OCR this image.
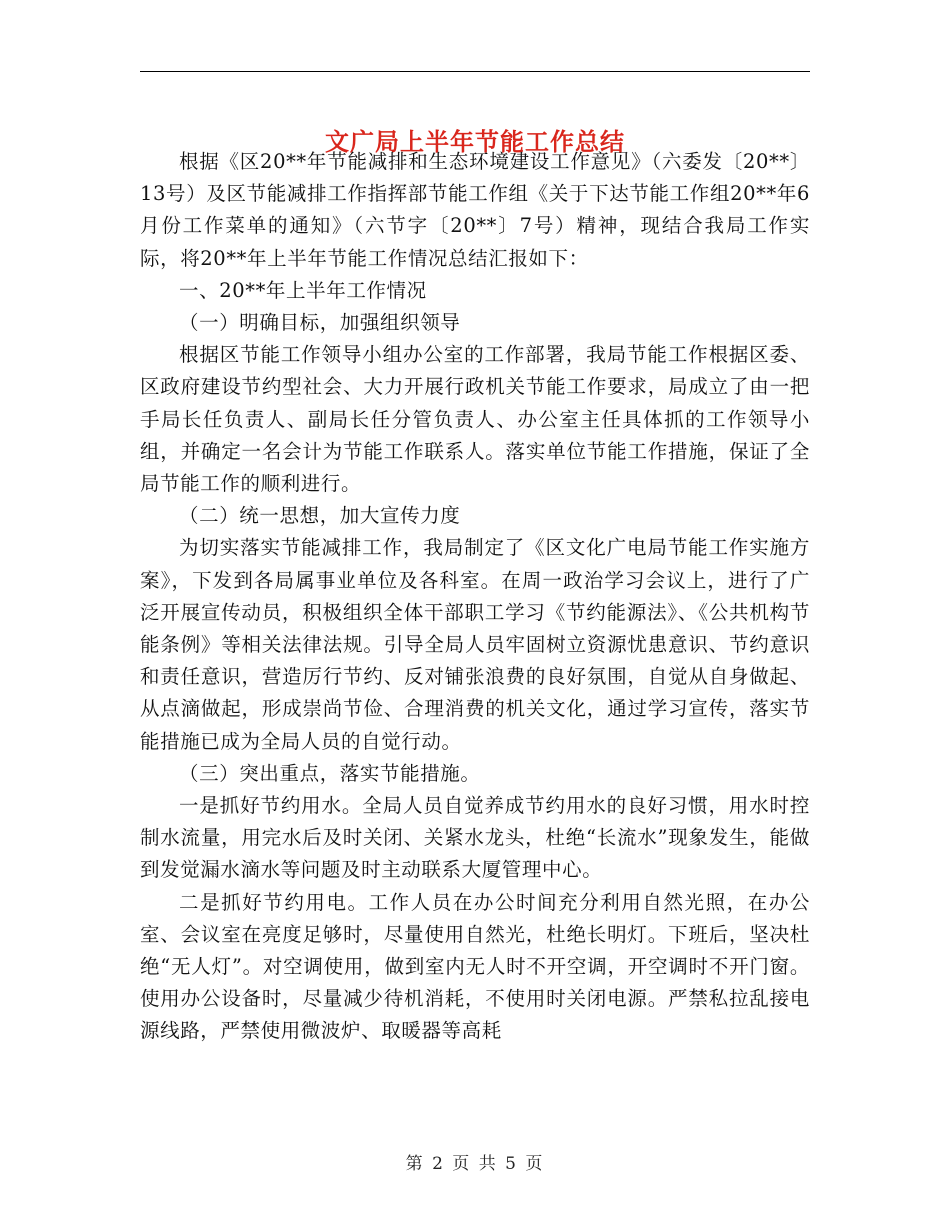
文广局上半年节能工作总结

根据《区20**年节能减排和生态环境建设工作意见》（六委发〔20**〕13号）及区节能减排工作指挥部节能工作组《关于下达节能工作组20**年6月份工作菜单的通知》（六节字〔20**〕7号）精神，现结合我局工作实际，将20**年上半年节能工作情况总结汇报如下：

一、20**年上半年工作情况

（一）明确目标，加强组织领导

根据区节能工作领导小组办公室的工作部署，我局节能工作根据区委、区政府建设节约型社会、大力开展行政机关节能工作要求，局成立了由一把手局长任负责人、副局长任分管负责人、办公室主任具体抓的工作领导小组，并确定一名会计为节能工作联系人。落实单位节能工作措施，保证了全局节能工作的顺利进行。

（二）统一思想，加大宣传力度

为切实落实节能减排工作，我局制定了《区文化广电局节能工作实施方案》，下发到各局属事业单位及各科室。在周一政治学习会议上，进行了广泛开展宣传动员，积极组织全体干部职工学习《节约能源法》、《公共机构节能条例》等相关法律法规。引导全局人员牢固树立资源忧患意识、节约意识和责任意识，营造厉行节约、反对铺张浪费的良好氛围，自觉从自身做起、从点滴做起，形成崇尚节俭、合理消费的机关文化，通过学习宣传，落实节能措施已成为全局人员的自觉行动。

（三）突出重点，落实节能措施。

一是抓好节约用水。全局人员自觉养成节约用水的良好习惯，用水时控制水流量，用完水后及时关闭、关紧水龙头，杜绝“长流水”现象发生，能做到发觉漏水滴水等问题及时主动联系大厦管理中心。

二是抓好节约用电。工作人员在办公时间充分利用自然光照，在办公室、会议室在亮度足够时，尽量使用自然光，杜绝长明灯。下班后，坚决杜绝“无人灯”。对空调使用，做到室内无人时不开空调，开空调时不开门窗。使用办公设备时，尽量减少待机消耗，不使用时关闭电源。严禁私拉乱接电源线路，严禁使用微波炉、取暖器等高耗

第 2 页 共 5 页
